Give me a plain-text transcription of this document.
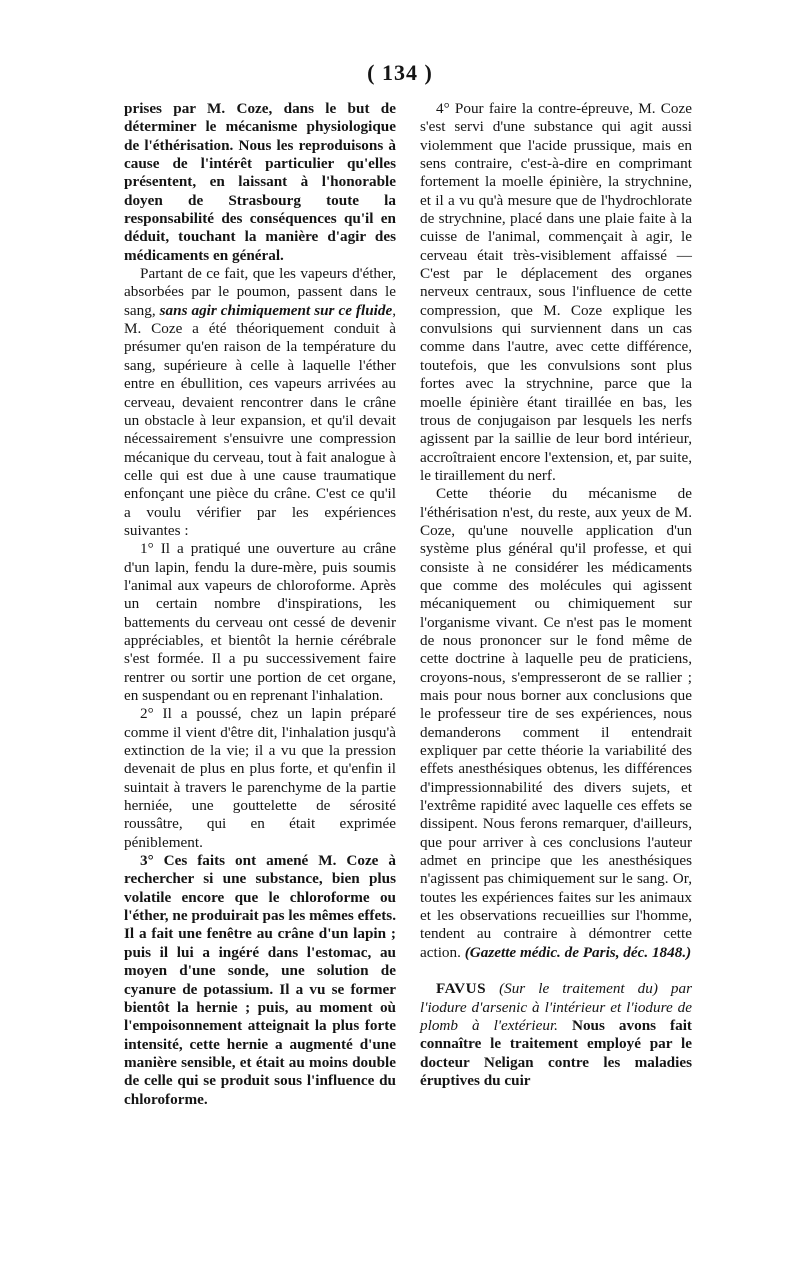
( 134 )

prises par M. Coze, dans le but de déterminer le mécanisme physiologique de l'éthérisation. Nous les reproduisons à cause de l'intérêt particulier qu'elles présentent, en laissant à l'honorable doyen de Strasbourg toute la responsabilité des conséquences qu'il en déduit, touchant la manière d'agir des médicaments en général.

Partant de ce fait, que les vapeurs d'éther, absorbées par le poumon, passent dans le sang, sans agir chimiquement sur ce fluide, M. Coze a été théoriquement conduit à présumer qu'en raison de la température du sang, supérieure à celle à laquelle l'éther entre en ébullition, ces vapeurs arrivées au cerveau, devaient rencontrer dans le crâne un obstacle à leur expansion, et qu'il devait nécessairement s'ensuivre une compression mécanique du cerveau, tout à fait analogue à celle qui est due à une cause traumatique enfonçant une pièce du crâne. C'est ce qu'il a voulu vérifier par les expériences suivantes :

1° Il a pratiqué une ouverture au crâne d'un lapin, fendu la dure-mère, puis soumis l'animal aux vapeurs de chloroforme. Après un certain nombre d'inspirations, les battements du cerveau ont cessé de devenir appréciables, et bientôt la hernie cérébrale s'est formée. Il a pu successivement faire rentrer ou sortir une portion de cet organe, en suspendant ou en reprenant l'inhalation.

2° Il a poussé, chez un lapin préparé comme il vient d'être dit, l'inhalation jusqu'à extinction de la vie; il a vu que la pression devenait de plus en plus forte, et qu'enfin il suintait à travers le parenchyme de la partie herniée, une gouttelette de sérosité roussâtre, qui en était exprimée péniblement.

3° Ces faits ont amené M. Coze à rechercher si une substance, bien plus volatile encore que le chloroforme ou l'éther, ne produirait pas les mêmes effets. Il a fait une fenêtre au crâne d'un lapin ; puis il lui a ingéré dans l'estomac, au moyen d'une sonde, une solution de cyanure de potassium. Il a vu se former bientôt la hernie ; puis, au moment où l'empoisonnement atteignait la plus forte intensité, cette hernie a augmenté d'une manière sensible, et était au moins double de celle qui se produit sous l'influence du chloroforme.

4° Pour faire la contre-épreuve, M. Coze s'est servi d'une substance qui agit aussi violemment que l'acide prussique, mais en sens contraire, c'est-à-dire en comprimant fortement la moelle épinière, la strychnine, et il a vu qu'à mesure que de l'hydrochlorate de strychnine, placé dans une plaie faite à la cuisse de l'animal, commençait à agir, le cerveau était très-visiblement affaissé —C'est par le déplacement des organes nerveux centraux, sous l'influence de cette compression, que M. Coze explique les convulsions qui surviennent dans un cas comme dans l'autre, avec cette différence, toutefois, que les convulsions sont plus fortes avec la strychnine, parce que la moelle épinière étant tiraillée en bas, les trous de conjugaison par lesquels les nerfs agissent par la saillie de leur bord intérieur, accroîtraient encore l'extension, et, par suite, le tiraillement du nerf.

Cette théorie du mécanisme de l'éthérisation n'est, du reste, aux yeux de M. Coze, qu'une nouvelle application d'un système plus général qu'il professe, et qui consiste à ne considérer les médicaments que comme des molécules qui agissent mécaniquement ou chimiquement sur l'organisme vivant. Ce n'est pas le moment de nous prononcer sur le fond même de cette doctrine à laquelle peu de praticiens, croyons-nous, s'empresseront de se rallier ; mais pour nous borner aux conclusions que le professeur tire de ses expériences, nous demanderons comment il entendrait expliquer par cette théorie la variabilité des effets anesthésiques obtenus, les différences d'impressionnabilité des divers sujets, et l'extrême rapidité avec laquelle ces effets se dissipent. Nous ferons remarquer, d'ailleurs, que pour arriver à ces conclusions l'auteur admet en principe que les anesthésiques n'agissent pas chimiquement sur le sang. Or, toutes les expériences faites sur les animaux et les observations recueillies sur l'homme, tendent au contraire à démontrer cette action. (Gazette médic. de Paris, déc. 1848.)

FAVUS (Sur le traitement du) par l'iodure d'arsenic à l'intérieur et l'iodure de plomb à l'extérieur. Nous avons fait connaître le traitement employé par le docteur Neligan contre les maladies éruptives du cuir
